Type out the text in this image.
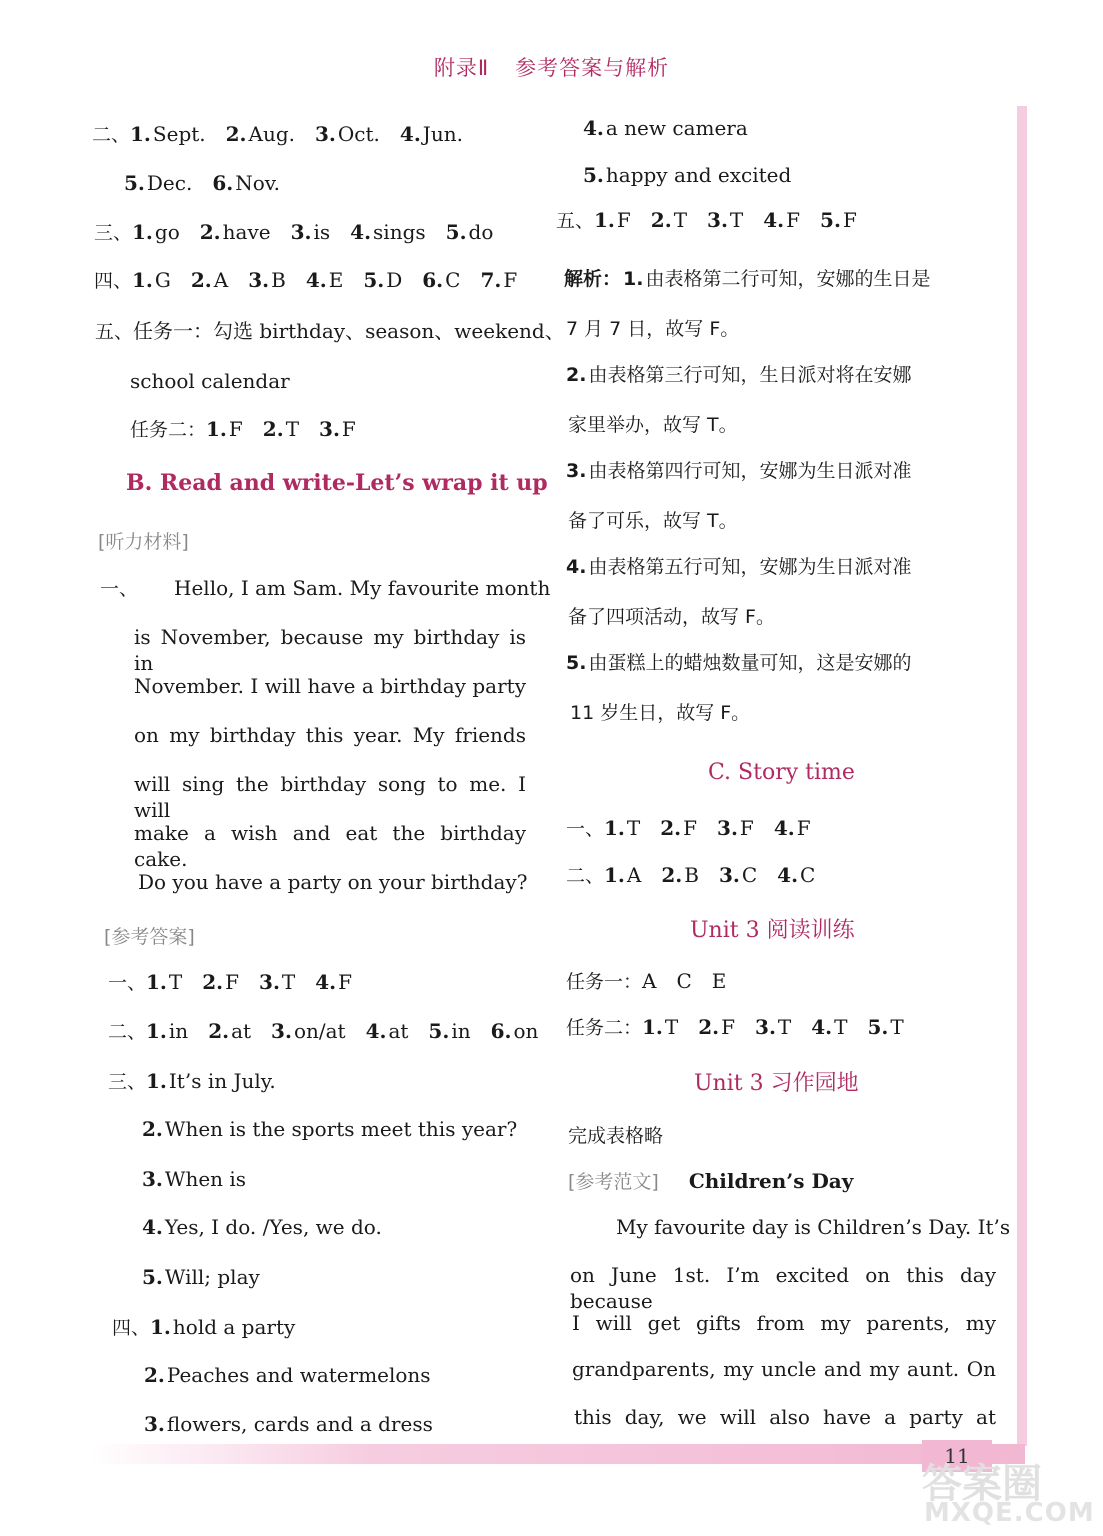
附录Ⅱ 参考答案与解析
11
答案圈
MXQE.COM
二、1. Sept. 2. Aug. 3. Oct. 4. Jun.
5. Dec. 6. Nov.
三、1. go 2. have 3. is 4. sings 5. do
四、1. G 2. A 3. B 4. E 5. D 6. C 7. F
五、任务一：勾选 birthday、season、weekend、
school calendar
任务二：1. F 2. T 3. F
B. Read and write-Let’s wrap it up
[听力材料]
一、 Hello, I am Sam. My favourite month
is November, because my birthday is in
November. I will have a birthday party
on my birthday this year. My friends
will sing the birthday song to me. I will
make a wish and eat the birthday cake.
Do you have a party on your birthday?
[参考答案]
一、1. T 2. F 3. T 4. F
二、1. in 2. at 3. on/at 4. at 5. in 6. on
三、1. It’s in July.
2. When is the sports meet this year?
3. When is
4. Yes, I do. /Yes, we do.
5. Will; play
四、1. hold a party
2. Peaches and watermelons
3. flowers, cards and a dress
4. a new camera
5. happy and excited
五、1. F 2. T 3. T 4. F 5. F
解析： 1. 由表格第二行可知，安娜的生日是
7 月 7 日，故写 F。
2. 由表格第三行可知，生日派对将在安娜
家里举办，故写 T。
3. 由表格第四行可知，安娜为生日派对准
备了可乐，故写 T。
4. 由表格第五行可知，安娜为生日派对准
备了四项活动，故写 F。
5. 由蛋糕上的蜡烛数量可知，这是安娜的
11 岁生日，故写 F。
C. Story time
一、1. T 2. F 3. F 4. F
二、1. A 2. B 3. C 4. C
Unit 3 阅读训练
任务一：A C E
任务二：1. T 2. F 3. T 4. T 5. T
Unit 3 习作园地
完成表格略
[参考范文] Children’s Day
My favourite day is Children’s Day. It’s
on June 1st. I’m excited on this day because
I will get gifts from my parents, my
grandparents, my uncle and my aunt. On
this day, we will also have a party at
